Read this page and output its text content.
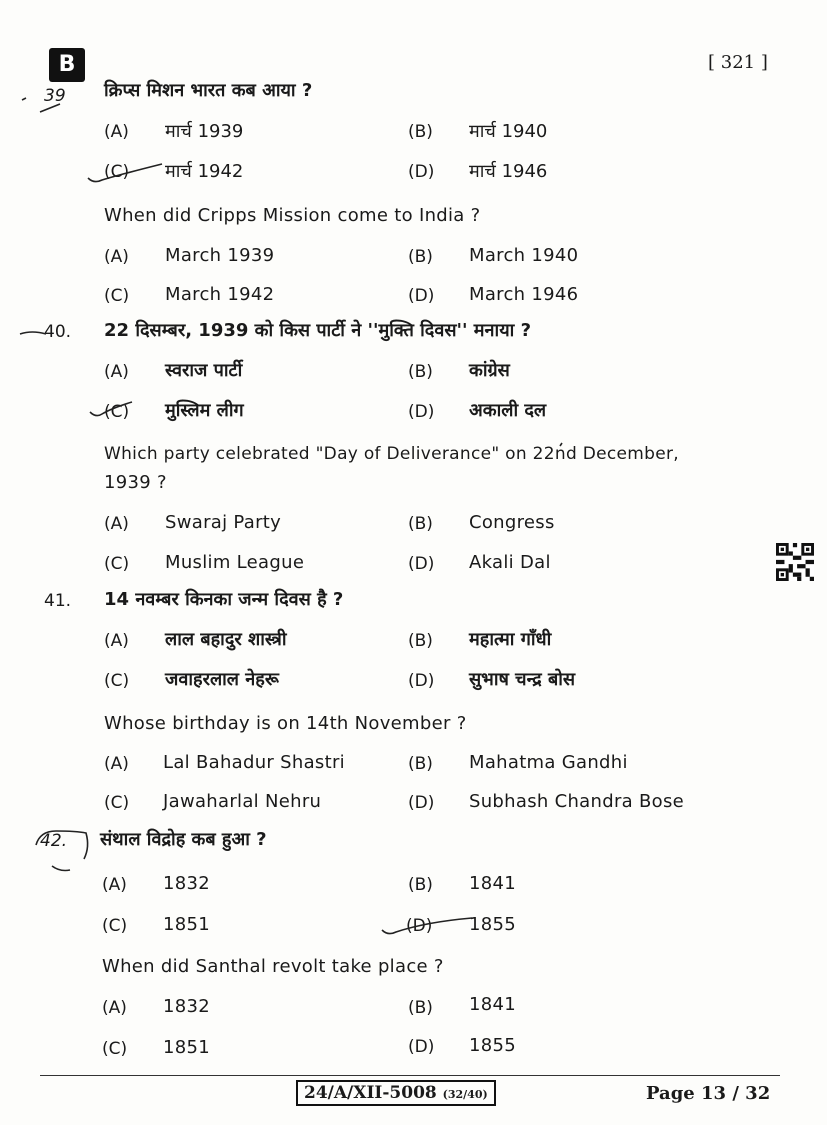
B	[ 321 ]
39 क्रिप्स मिशन भारत कब आया ?
(A) मार्च 1939	(B) मार्च 1940
(C) मार्च 1942	(D) मार्च 1946
When did Cripps Mission come to India ?
(A) March 1939	(B) March 1940
(C) March 1942	(D) March 1946
40. 22 दिसम्बर, 1939 को किस पार्टी ने ''मुक्ति दिवस'' मनाया ?
(A) स्वराज पार्टी	(B) कांग्रेस
(C) मुस्लिम लीग	(D) अकाली दल
Which party celebrated "Day of Deliverance" on 22nd December,
1939 ?
(A) Swaraj Party	(B) Congress
(C) Muslim League	(D) Akali Dal
41. 14 नवम्बर किनका जन्म दिवस है ?
(A) लाल बहादुर शास्त्री	(B) महात्मा गाँधी
(C) जवाहरलाल नेहरू	(D) सुभाष चन्द्र बोस
Whose birthday is on 14th November ?
(A) Lal Bahadur Shastri	(B) Mahatma Gandhi
(C) Jawaharlal Nehru	(D) Subhash Chandra Bose
42. संथाल विद्रोह कब हुआ ?
(A) 1832	(B) 1841
(C) 1851	(D) 1855
When did Santhal revolt take place ?
(A) 1832	(B) 1841
(C) 1851	(D) 1855
24/A/XII-5008 (32/40)	Page 13 / 32
